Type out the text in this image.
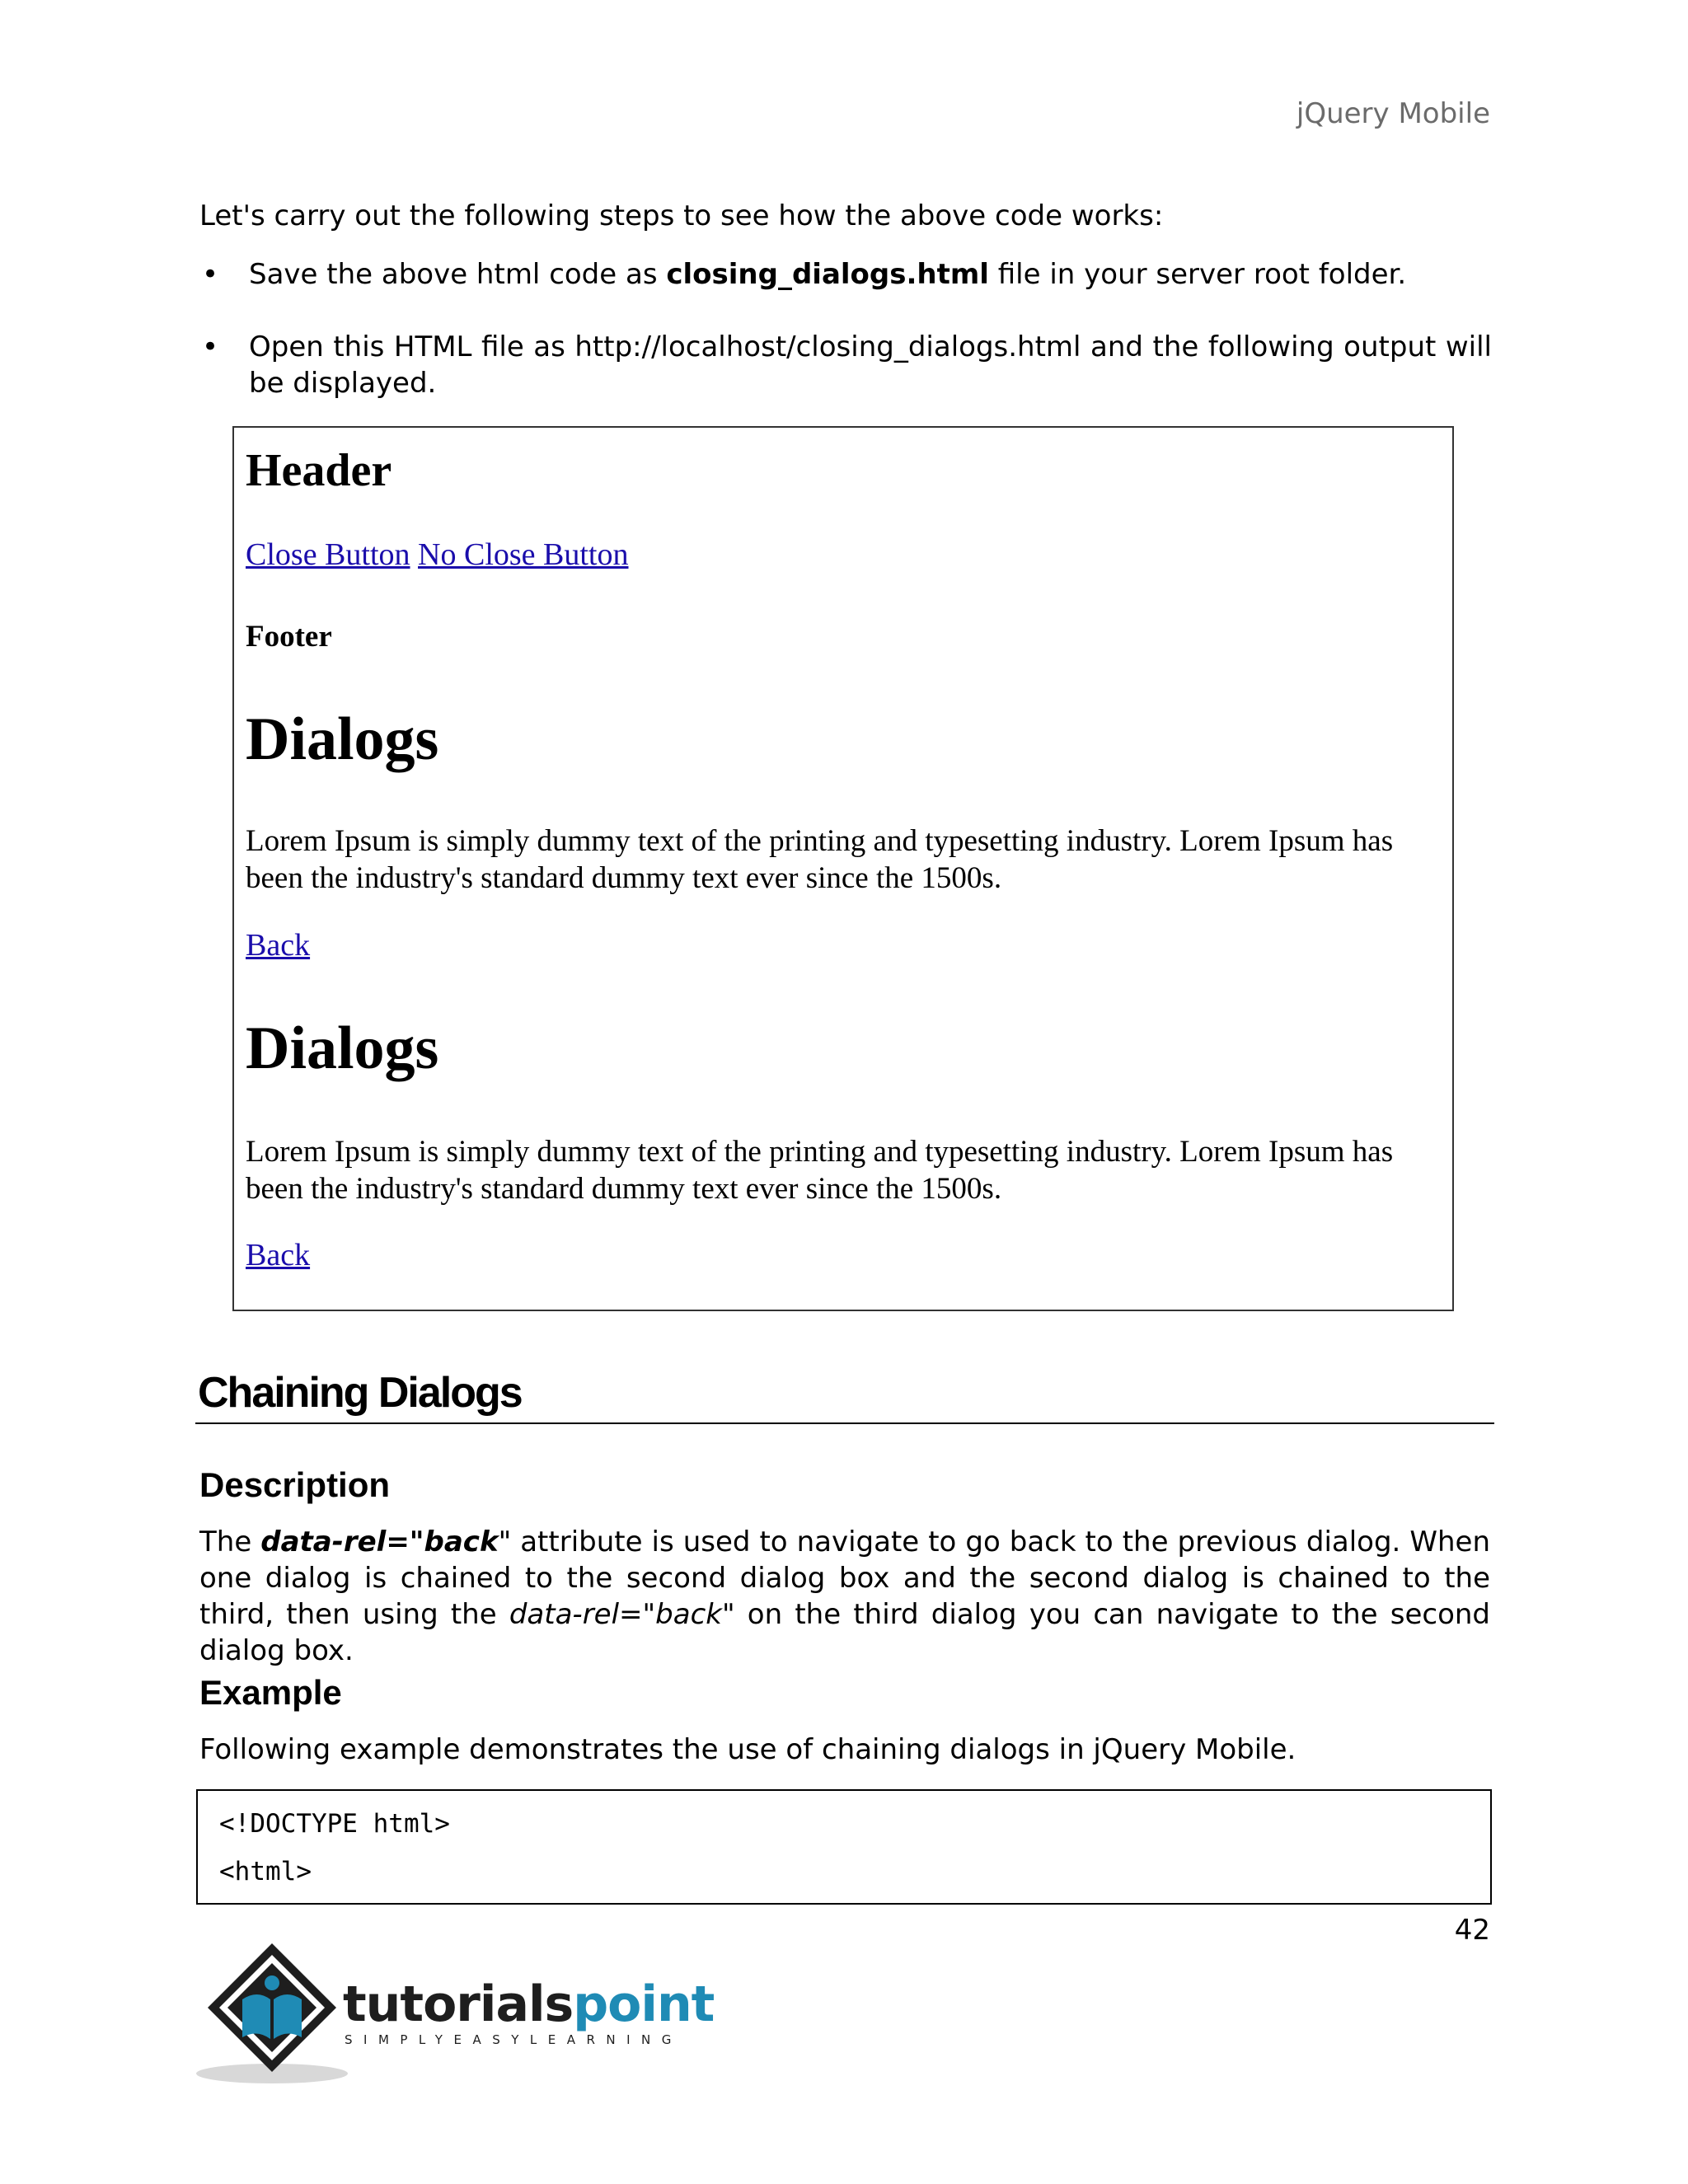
jQuery Mobile
Let's carry out the following steps to see how the above code works:
• Save the above html code as closing_dialogs.html file in your server root folder.
• Open this HTML file as http://localhost/closing_dialogs.html and the following output will be displayed.
Header
Close Button No Close Button
Footer
Dialogs
Lorem Ipsum is simply dummy text of the printing and typesetting industry. Lorem Ipsum has been the industry's standard dummy text ever since the 1500s.
Back
Dialogs
Lorem Ipsum is simply dummy text of the printing and typesetting industry. Lorem Ipsum has been the industry's standard dummy text ever since the 1500s.
Back
Chaining Dialogs
Description
The data-rel="back" attribute is used to navigate to go back to the previous dialog. When one dialog is chained to the second dialog box and the second dialog is chained to the third, then using the data-rel="back" on the third dialog you can navigate to the second dialog box.
Example
Following example demonstrates the use of chaining dialogs in jQuery Mobile.
<!DOCTYPE html>
<html>
42
tutorialspoint
SIMPLYEASYLEARNING
